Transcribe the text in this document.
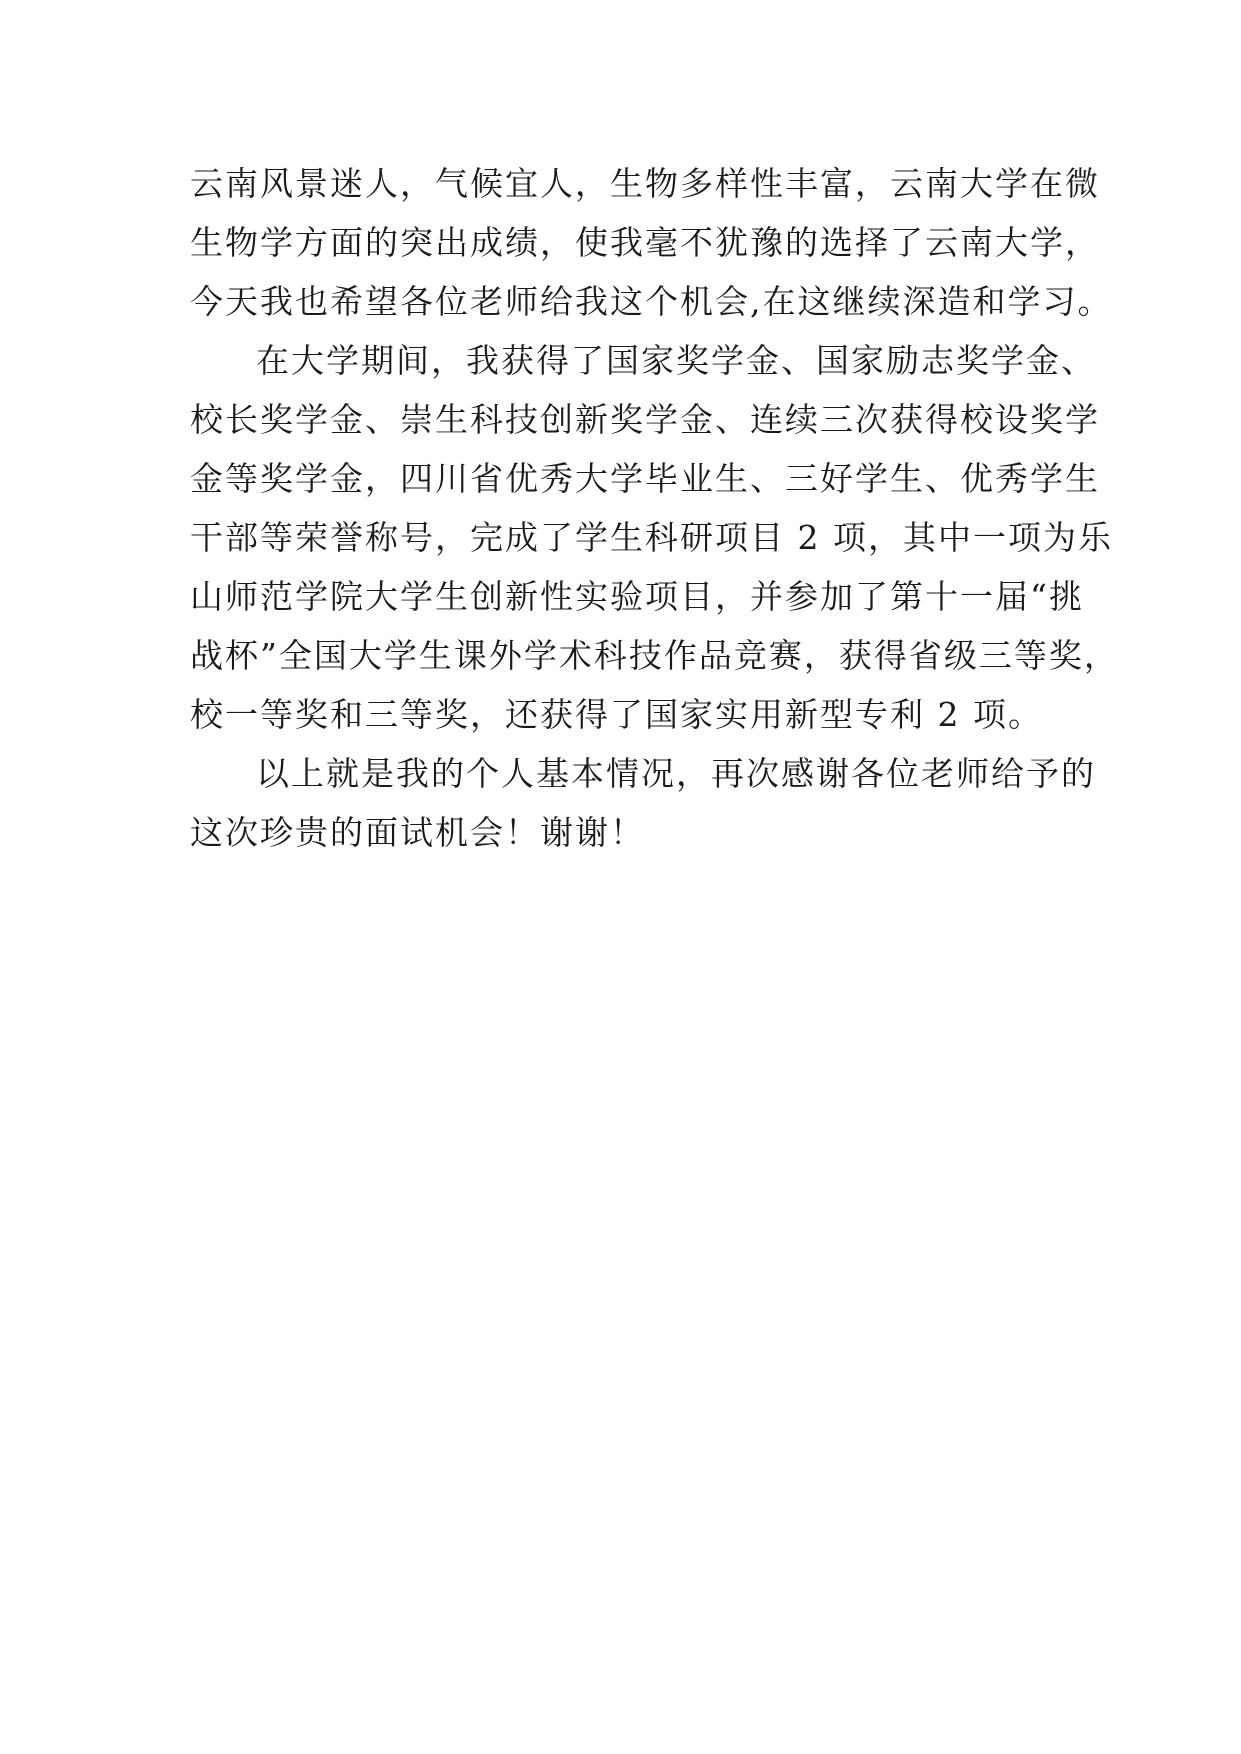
云南风景迷人，气候宜人，生物多样性丰富，云南大学在微
生物学方面的突出成绩，使我毫不犹豫的选择了云南大学，
今天我也希望各位老师给我这个机会,在这继续深造和学习。
在大学期间，我获得了国家奖学金、国家励志奖学金、
校长奖学金、崇生科技创新奖学金、连续三次获得校设奖学
金等奖学金，四川省优秀大学毕业生、三好学生、优秀学生
干部等荣誉称号，完成了学生科研项目 2 项，其中一项为乐
山师范学院大学生创新性实验项目，并参加了第十一届“挑
战杯”全国大学生课外学术科技作品竞赛，获得省级三等奖，
校一等奖和三等奖，还获得了国家实用新型专利 2 项。
以上就是我的个人基本情况，再次感谢各位老师给予的
这次珍贵的面试机会！谢谢！
